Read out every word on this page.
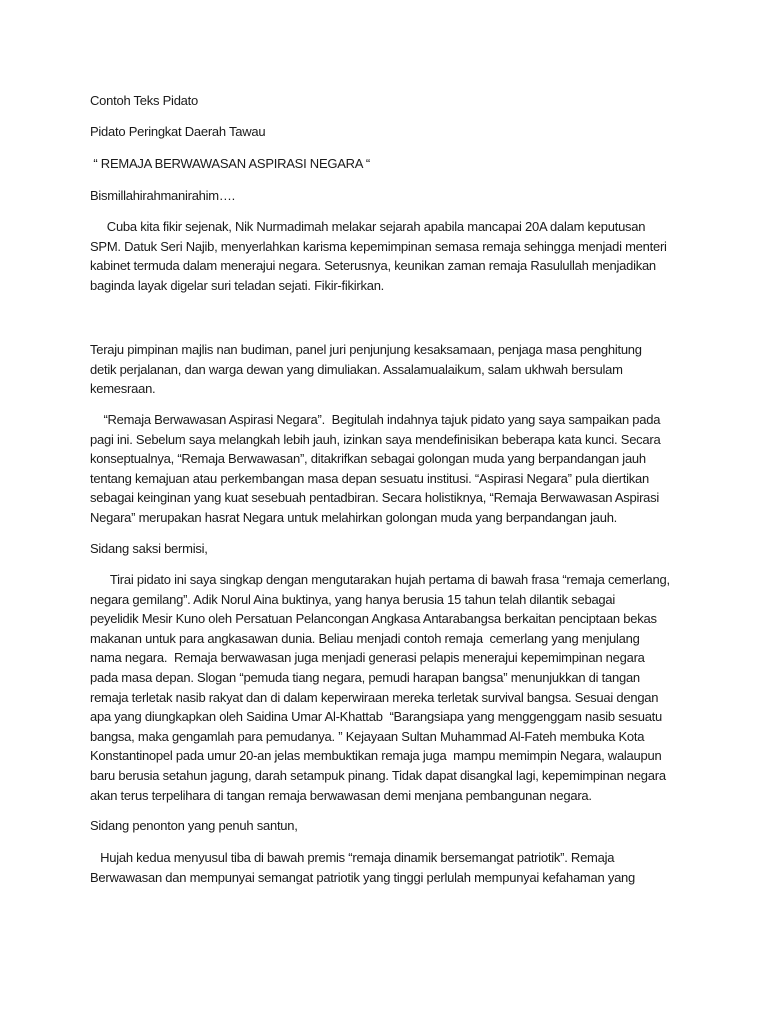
Contoh Teks Pidato

Pidato Peringkat Daerah Tawau

“ REMAJA BERWAWASAN ASPIRASI NEGARA “

Bismillahirahmanirahim….

Cuba kita fikir sejenak, Nik Nurmadimah melakar sejarah apabila mancapai 20A dalam keputusan
SPM. Datuk Seri Najib, menyerlahkan karisma kepemimpinan semasa remaja sehingga menjadi menteri
kabinet termuda dalam menerajui negara. Seterusnya, keunikan zaman remaja Rasulullah menjadikan
baginda layak digelar suri teladan sejati. Fikir-fikirkan.

Teraju pimpinan majlis nan budiman, panel juri penjunjung kesaksamaan, penjaga masa penghitung
detik perjalanan, dan warga dewan yang dimuliakan. Assalamualaikum, salam ukhwah bersulam
kemesraan.

“Remaja Berwawasan Aspirasi Negara”.  Begitulah indahnya tajuk pidato yang saya sampaikan pada
pagi ini. Sebelum saya melangkah lebih jauh, izinkan saya mendefinisikan beberapa kata kunci. Secara
konseptualnya, “Remaja Berwawasan”, ditakrifkan sebagai golongan muda yang berpandangan jauh
tentang kemajuan atau perkembangan masa depan sesuatu institusi. “Aspirasi Negara” pula diertikan
sebagai keinginan yang kuat sesebuah pentadbiran. Secara holistiknya, “Remaja Berwawasan Aspirasi
Negara” merupakan hasrat Negara untuk melahirkan golongan muda yang berpandangan jauh.

Sidang saksi bermisi,

Tirai pidato ini saya singkap dengan mengutarakan hujah pertama di bawah frasa “remaja cemerlang,
negara gemilang”. Adik Norul Aina buktinya, yang hanya berusia 15 tahun telah dilantik sebagai
peyelidik Mesir Kuno oleh Persatuan Pelancongan Angkasa Antarabangsa berkaitan penciptaan bekas
makanan untuk para angkasawan dunia. Beliau menjadi contoh remaja  cemerlang yang menjulang
nama negara.  Remaja berwawasan juga menjadi generasi pelapis menerajui kepemimpinan negara
pada masa depan. Slogan “pemuda tiang negara, pemudi harapan bangsa” menunjukkan di tangan
remaja terletak nasib rakyat dan di dalam keperwiraan mereka terletak survival bangsa. Sesuai dengan
apa yang diungkapkan oleh Saidina Umar Al-Khattab  “Barangsiapa yang menggenggam nasib sesuatu
bangsa, maka gengamlah para pemudanya. ” Kejayaan Sultan Muhammad Al-Fateh membuka Kota
Konstantinopel pada umur 20-an jelas membuktikan remaja juga  mampu memimpin Negara, walaupun
baru berusia setahun jagung, darah setampuk pinang. Tidak dapat disangkal lagi, kepemimpinan negara
akan terus terpelihara di tangan remaja berwawasan demi menjana pembangunan negara.

Sidang penonton yang penuh santun,

Hujah kedua menyusul tiba di bawah premis “remaja dinamik bersemangat patriotik”. Remaja
Berwawasan dan mempunyai semangat patriotik yang tinggi perlulah mempunyai kefahaman yang
